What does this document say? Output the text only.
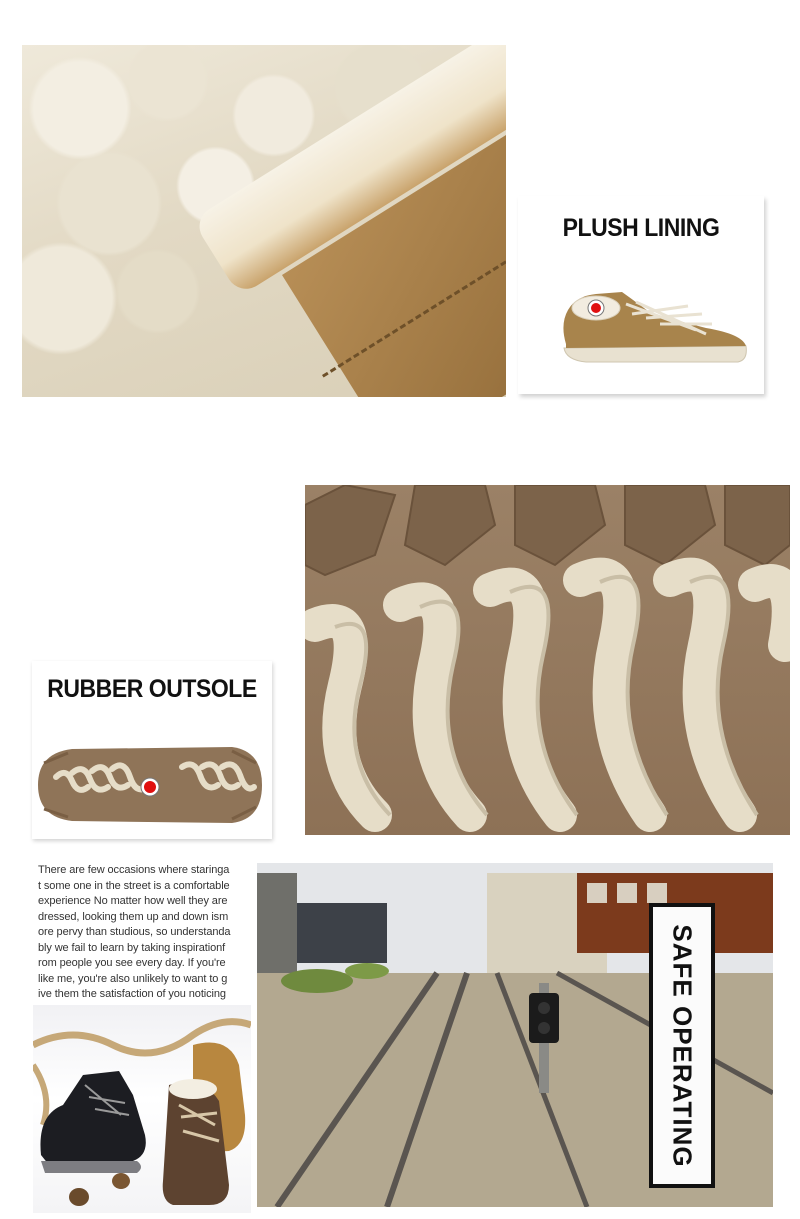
PLUSH LINING
RUBBER OUTSOLE
There are few occasions where staringa
t some one in the street is a comfortable
experience No matter how well they are
dressed, looking them up and down ism
ore pervy than studious, so understanda
bly we fail to learn by taking inspirationf
rom people you see every day. If you're
like me, you're also unlikely to want to g
ive them the satisfaction of you noticing	SAFE OPERATING
